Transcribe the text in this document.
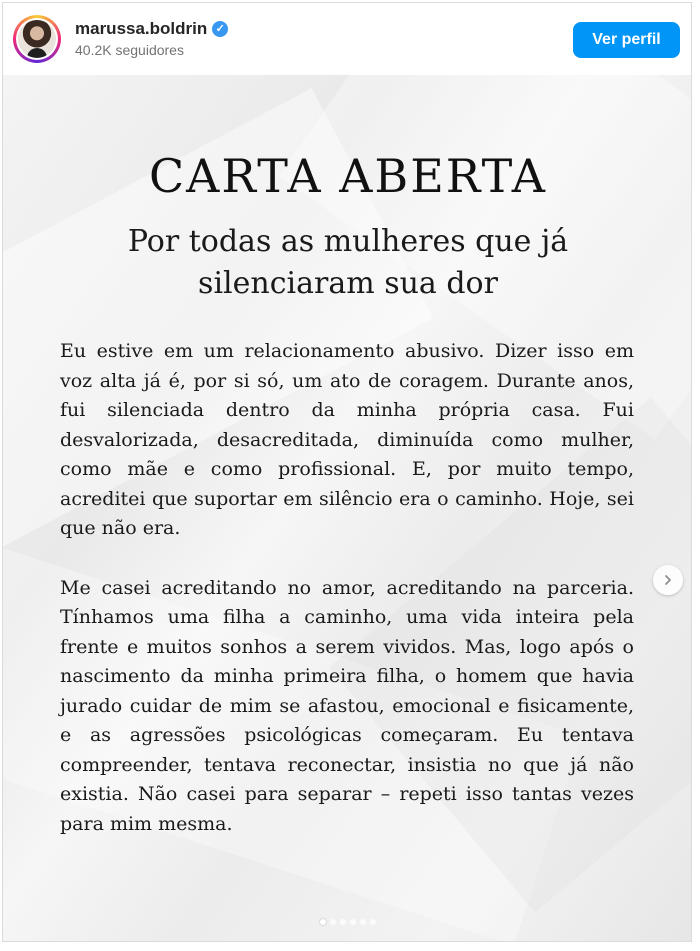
marussa.boldrin ✓
40.2K seguidores
Ver perfil
CARTA ABERTA
Por todas as mulheres que já silenciaram sua dor

Eu estive em um relacionamento abusivo. Dizer isso em voz alta já é, por si só, um ato de coragem. Durante anos, fui silenciada dentro da minha própria casa. Fui desvalorizada, desacreditada, diminuída como mulher, como mãe e como profissional. E, por muito tempo, acreditei que suportar em silêncio era o caminho. Hoje, sei que não era.

Me casei acreditando no amor, acreditando na parceria. Tínhamos uma filha a caminho, uma vida inteira pela frente e muitos sonhos a serem vividos. Mas, logo após o nascimento da minha primeira filha, o homem que havia jurado cuidar de mim se afastou, emocional e fisicamente, e as agressões psicológicas começaram. Eu tentava compreender, tentava reconectar, insistia no que já não existia. Não casei para separar – repeti isso tantas vezes para mim mesma.
